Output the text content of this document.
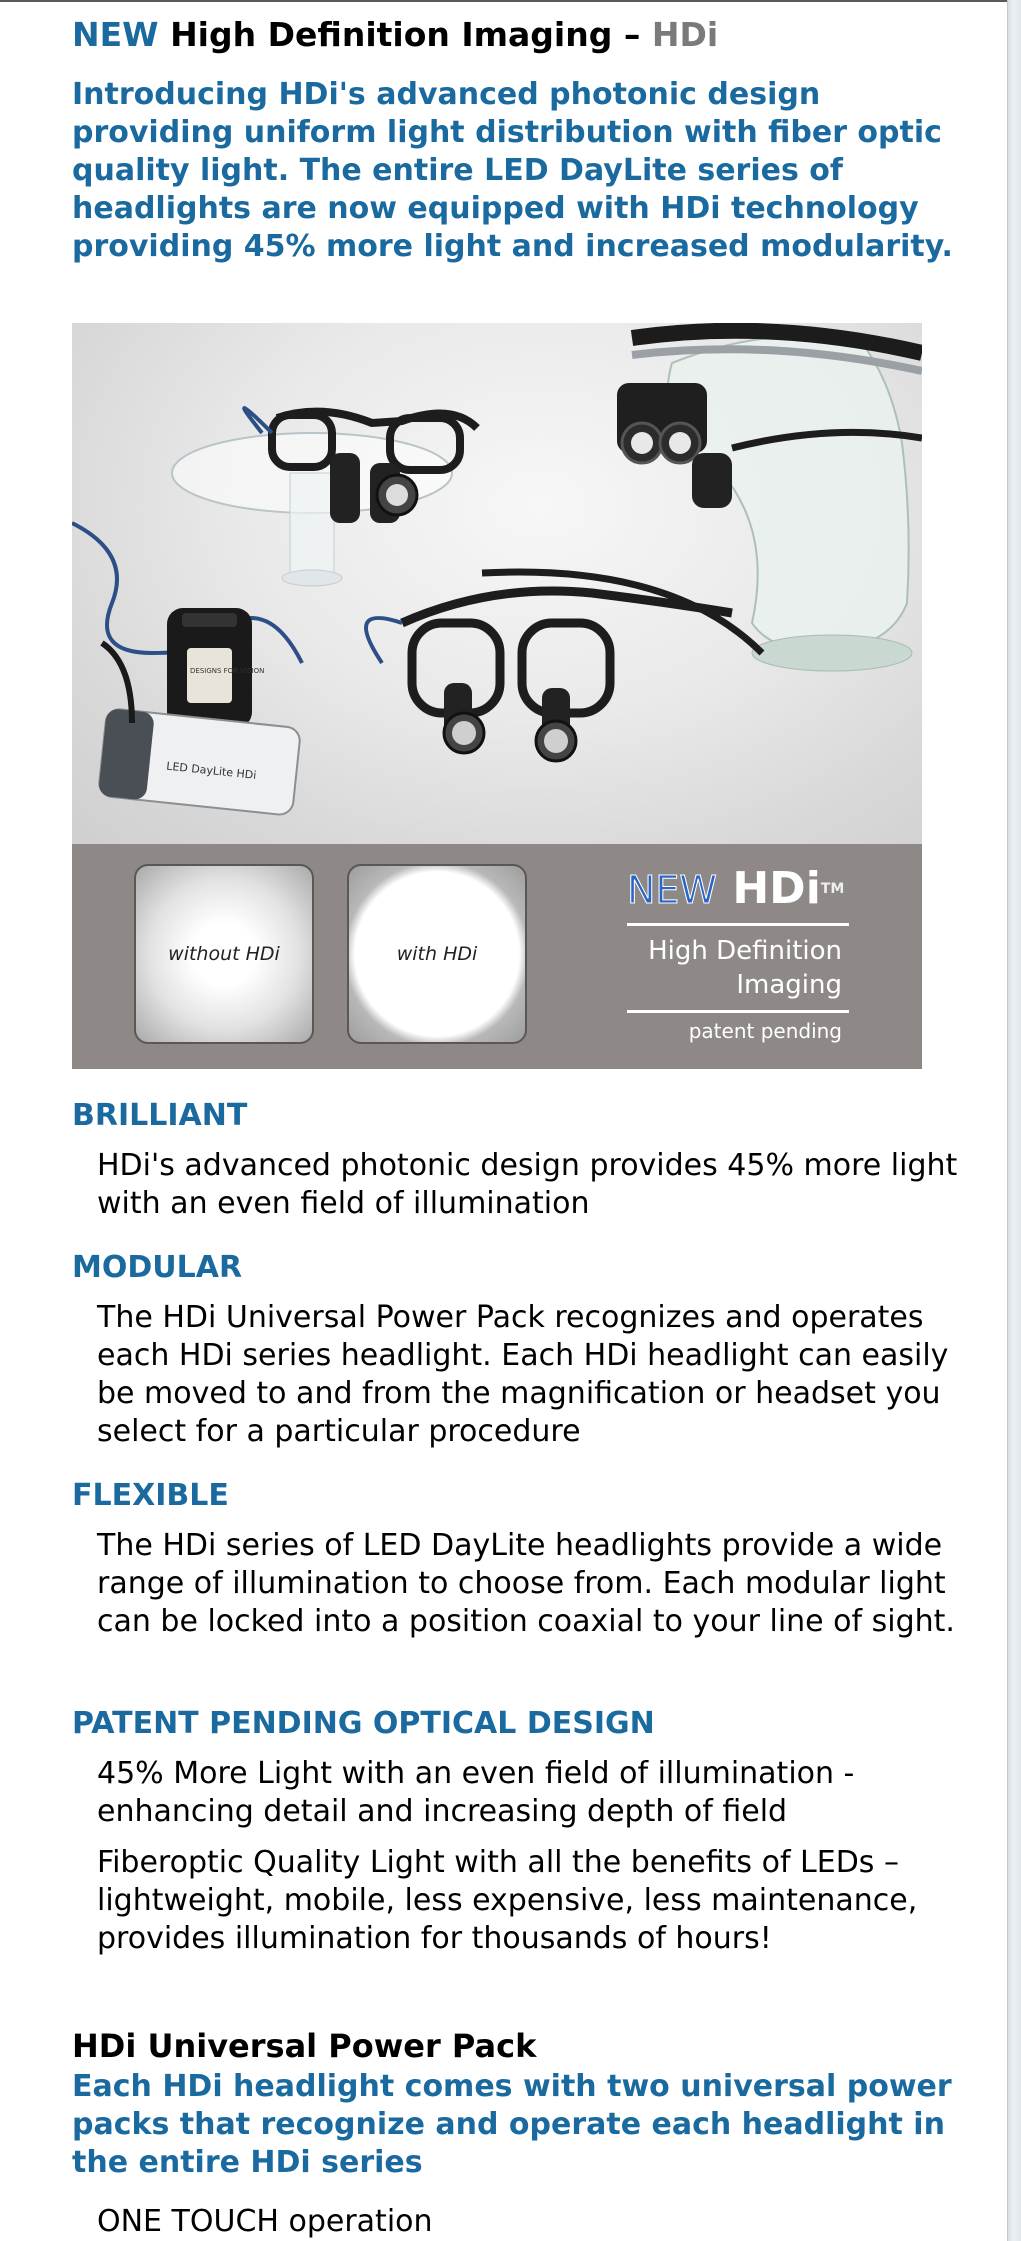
NEW High Definition Imaging – HDi
Introducing HDi's advanced photonic design providing uniform light distribution with fiber optic quality light. The entire LED DayLite series of headlights are now equipped with HDi technology providing 45% more light and increased modularity.
LED DayLite HDi
DESIGNS FOR VISION
without HDi	with HDi
NEW HDi™
High Definition
Imaging
patent pending
BRILLIANT
HDi's advanced photonic design provides 45% more light with an even field of illumination
MODULAR
The HDi Universal Power Pack recognizes and operates each HDi series headlight. Each HDi headlight can easily be moved to and from the magnification or headset you select for a particular procedure
FLEXIBLE
The HDi series of LED DayLite headlights provide a wide range of illumination to choose from. Each modular light can be locked into a position coaxial to your line of sight.
PATENT PENDING OPTICAL DESIGN
45% More Light with an even field of illumination - enhancing detail and increasing depth of field
Fiberoptic Quality Light with all the benefits of LEDs – lightweight, mobile, less expensive, less maintenance, provides illumination for thousands of hours!
HDi Universal Power Pack
Each HDi headlight comes with two universal power packs that recognize and operate each headlight in the entire HDi series
ONE TOUCH operation
